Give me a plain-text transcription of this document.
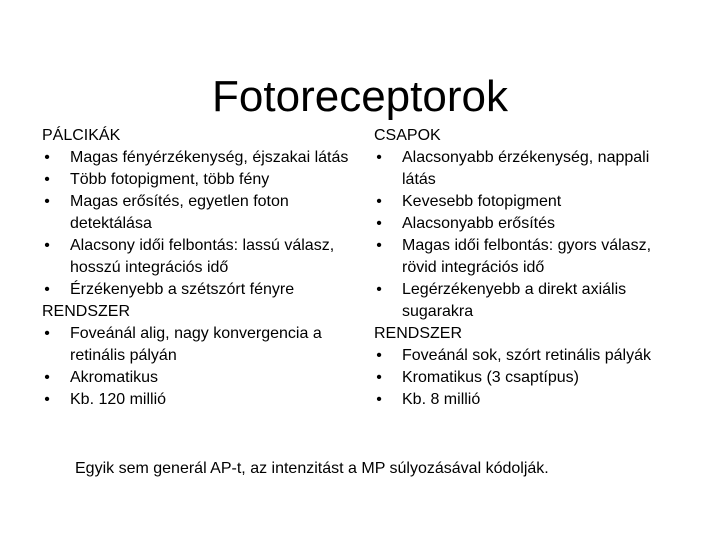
Fotoreceptorok
PÁLCIKÁK
• Magas fényérzékenység, éjszakai látás
• Több fotopigment, több fény
• Magas erősítés, egyetlen foton detektálása
• Alacsony idői felbontás: lassú válasz, hosszú integrációs idő
• Érzékenyebb a szétszórt fényre
RENDSZER
• Foveánál alig, nagy konvergencia a retinális pályán
• Akromatikus
• Kb. 120 millió
CSAPOK
• Alacsonyabb érzékenység, nappali látás
• Kevesebb fotopigment
• Alacsonyabb erősítés
• Magas idői felbontás: gyors válasz, rövid integrációs idő
• Legérzékenyebb a direkt axiális sugarakra
RENDSZER
• Foveánál sok, szórt retinális pályák
• Kromatikus (3 csaptípus)
• Kb. 8 millió
Egyik sem generál AP-t, az intenzitást a MP súlyozásával kódolják.
